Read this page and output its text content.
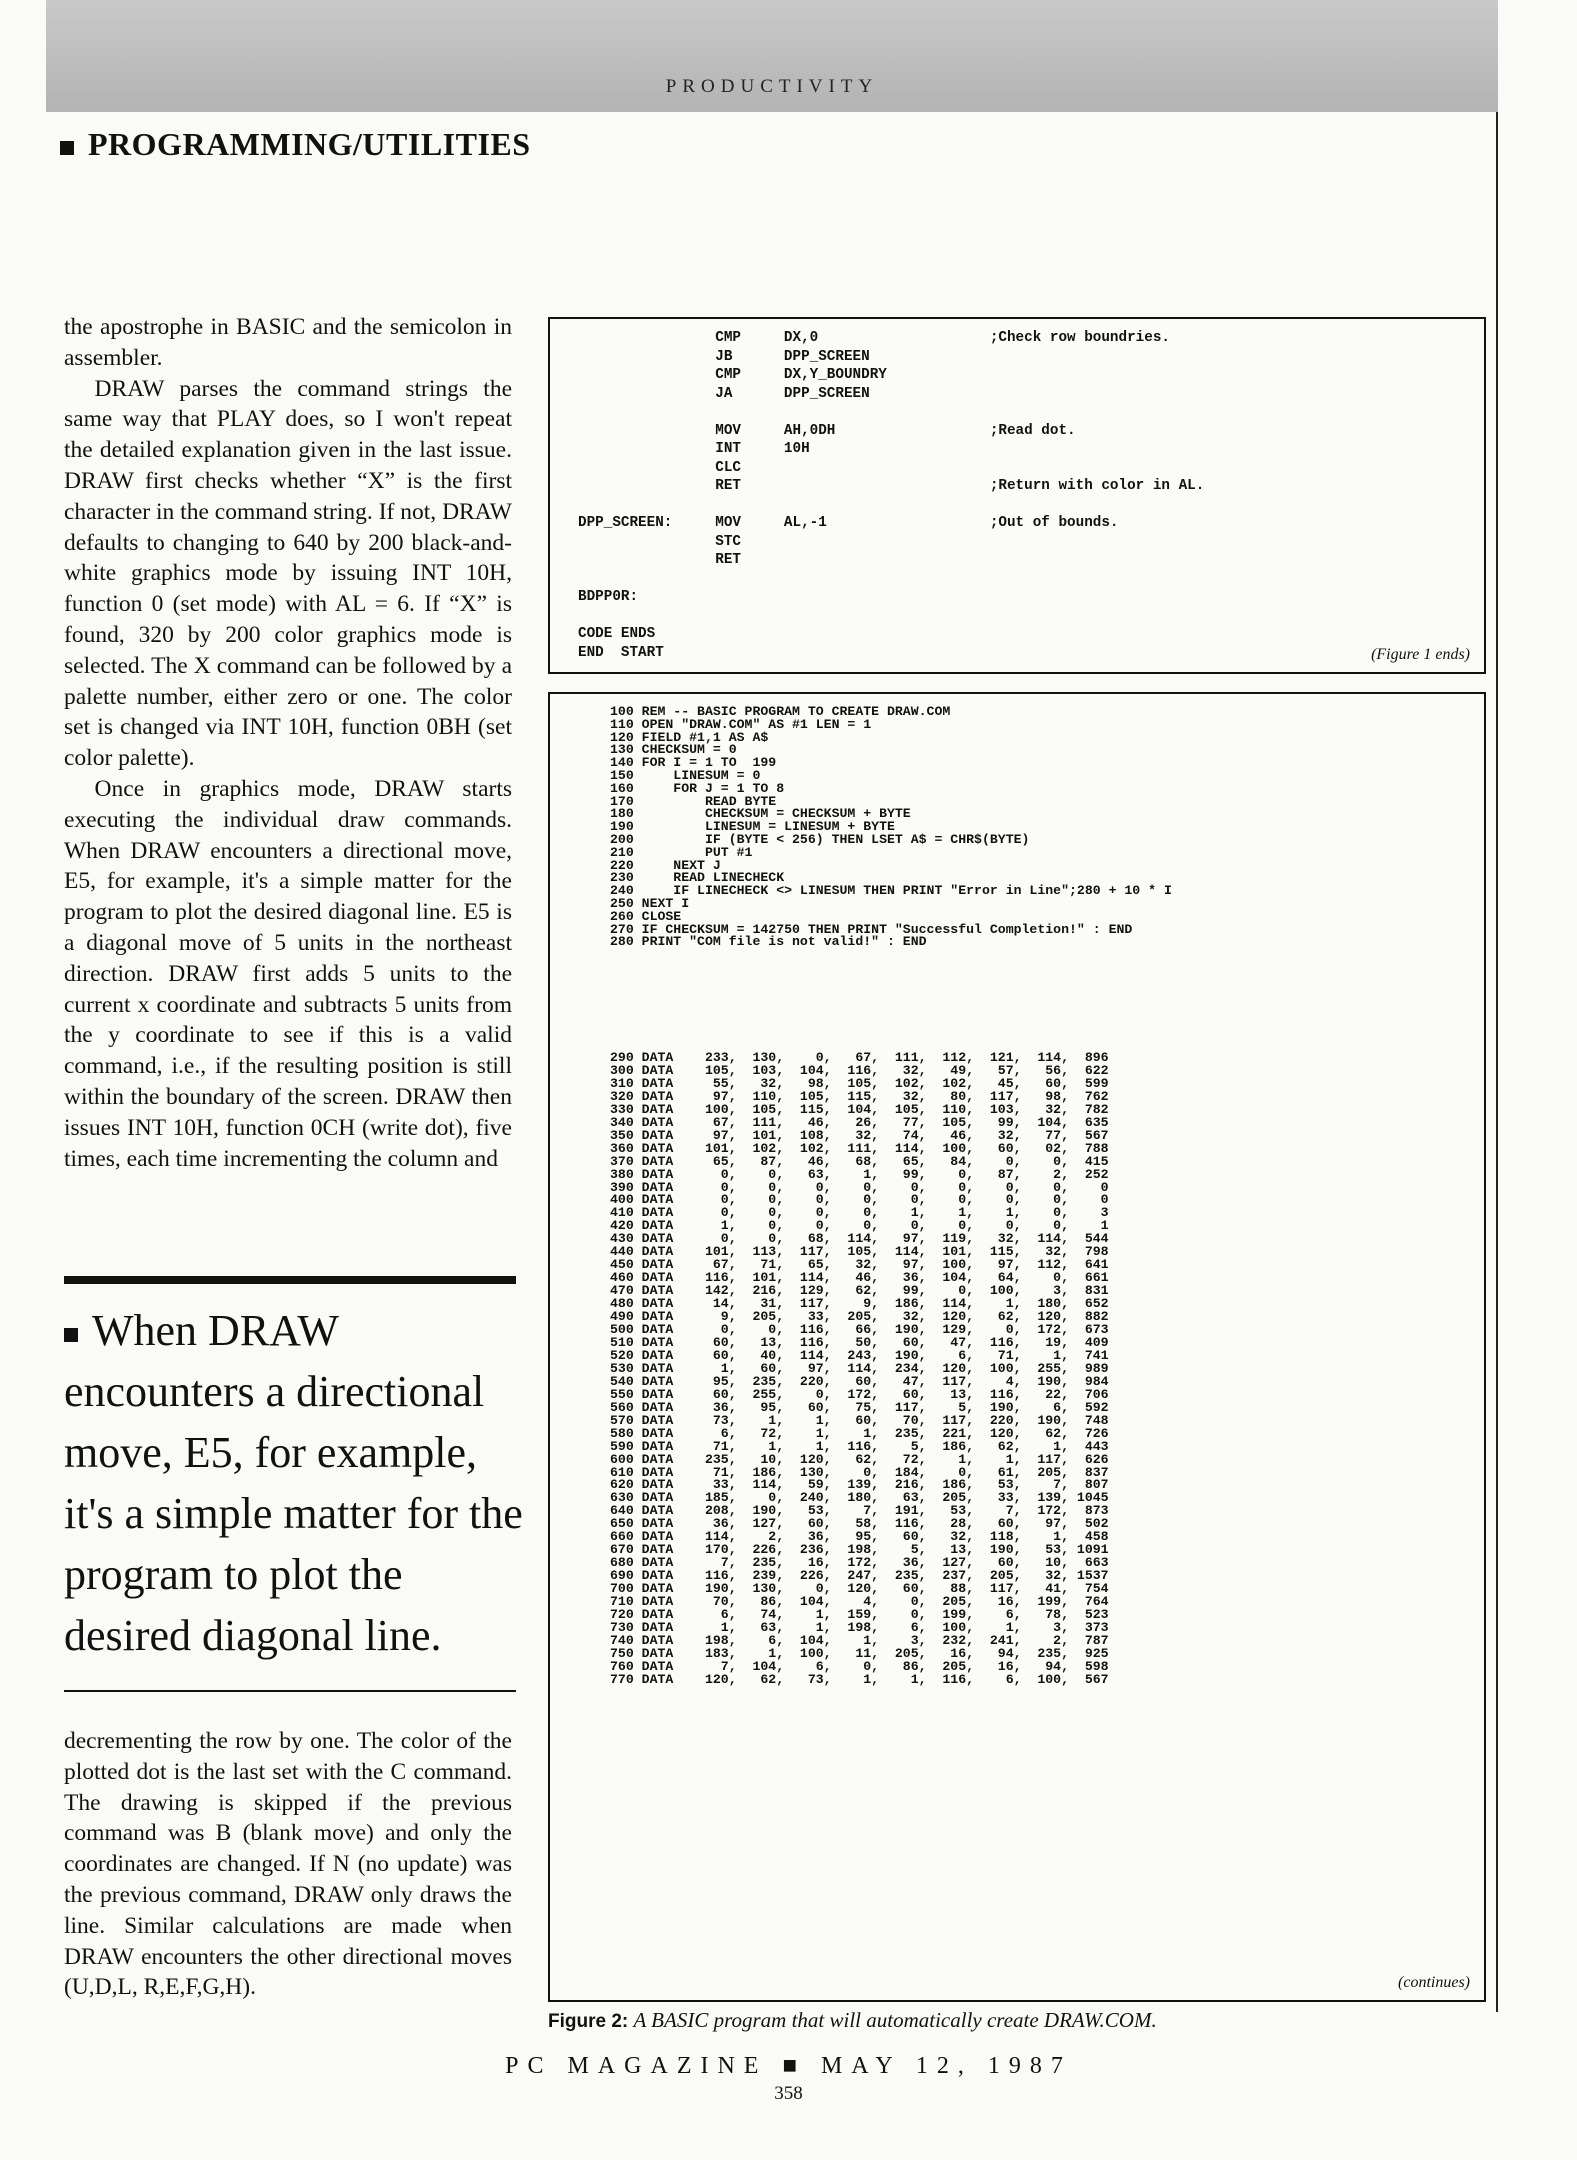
PRODUCTIVITY
PROGRAMMING/UTILITIES

the apostrophe in BASIC and the semicolon in assembler.

DRAW parses the command strings the same way that PLAY does, so I won't repeat the detailed explanation given in the last issue. DRAW first checks whether “X” is the first character in the command string. If not, DRAW defaults to changing to 640 by 200 black-and-white graphics mode by issuing INT 10H, function 0 (set mode) with AL = 6. If “X” is found, 320 by 200 color graphics mode is selected. The X command can be followed by a palette number, either zero or one. The color set is changed via INT 10H, function 0BH (set color palette).

Once in graphics mode, DRAW starts executing the individual draw commands. When DRAW encounters a directional move, E5, for example, it's a simple matter for the program to plot the desired diagonal line. E5 is a diagonal move of 5 units in the northeast direction. DRAW first adds 5 units to the current x coordinate and subtracts 5 units from the y coordinate to see if this is a valid command, i.e., if the resulting position is still within the boundary of the screen. DRAW then issues INT 10H, function 0CH (write dot), five times, each time incrementing the column and

When DRAW encounters a directional move, E5, for example, it's a simple matter for the program to plot the desired diagonal line.

decrementing the row by one. The color of the plotted dot is the last set with the C command. The drawing is skipped if the previous command was B (blank move) and only the coordinates are changed. If N (no update) was the previous command, DRAW only draws the line. Similar calculations are made when DRAW encounters the other directional moves (U,D,L, R,E,F,G,H).

CMP     DX,0                    ;Check row boundries.
JB      DPP_SCREEN
CMP     DX,Y_BOUNDRY
JA      DPP_SCREEN

MOV     AH,0DH                  ;Read dot.
INT     10H
CLC
RET                             ;Return with color in AL.

DPP_SCREEN:     MOV     AL,-1                   ;Out of bounds.
STC
RET

BDPP0R:

CODE ENDS
END  START	(Figure 1 ends)
100 REM -- BASIC PROGRAM TO CREATE DRAW.COM
110 OPEN "DRAW.COM" AS #1 LEN = 1
120 FIELD #1,1 AS A$
130 CHECKSUM = 0
140 FOR I = 1 TO  199
150     LINESUM = 0
160     FOR J = 1 TO 8
170         READ BYTE
180         CHECKSUM = CHECKSUM + BYTE
190         LINESUM = LINESUM + BYTE
200         IF (BYTE < 256) THEN LSET A$ = CHR$(BYTE)
210         PUT #1
220     NEXT J
230     READ LINECHECK
240     IF LINECHECK <> LINESUM THEN PRINT "Error in Line";280 + 10 * I
250 NEXT I
260 CLOSE
270 IF CHECKSUM = 142750 THEN PRINT "Successful Completion!" : END
280 PRINT "COM file is not valid!" : END
290 DATA    233,  130,    0,   67,  111,  112,  121,  114,  896
300 DATA    105,  103,  104,  116,   32,   49,   57,   56,  622
310 DATA     55,   32,   98,  105,  102,  102,   45,   60,  599
320 DATA     97,  110,  105,  115,   32,   80,  117,   98,  762
330 DATA    100,  105,  115,  104,  105,  110,  103,   32,  782
340 DATA     67,  111,   46,   26,   77,  105,   99,  104,  635
350 DATA     97,  101,  108,   32,   74,   46,   32,   77,  567
360 DATA    101,  102,  102,  111,  114,  100,   60,   02,  788
370 DATA     65,   87,   46,   68,   65,   84,    0,    0,  415
380 DATA      0,    0,   63,    1,   99,    0,   87,    2,  252
390 DATA      0,    0,    0,    0,    0,    0,    0,    0,    0
400 DATA      0,    0,    0,    0,    0,    0,    0,    0,    0
410 DATA      0,    0,    0,    0,    1,    1,    1,    0,    3
420 DATA      1,    0,    0,    0,    0,    0,    0,    0,    1
430 DATA      0,    0,   68,  114,   97,  119,   32,  114,  544
440 DATA    101,  113,  117,  105,  114,  101,  115,   32,  798
450 DATA     67,   71,   65,   32,   97,  100,   97,  112,  641
460 DATA    116,  101,  114,   46,   36,  104,   64,    0,  661
470 DATA    142,  216,  129,   62,   99,    0,  100,    3,  831
480 DATA     14,   31,  117,    9,  186,  114,    1,  180,  652
490 DATA      9,  205,   33,  205,   32,  120,   62,  120,  882
500 DATA      0,    0,  116,   66,  190,  129,    0,  172,  673
510 DATA     60,   13,  116,   50,   60,   47,  116,   19,  409
520 DATA     60,   40,  114,  243,  190,    6,   71,    1,  741
530 DATA      1,   60,   97,  114,  234,  120,  100,  255,  989
540 DATA     95,  235,  220,   60,   47,  117,    4,  190,  984
550 DATA     60,  255,    0,  172,   60,   13,  116,   22,  706
560 DATA     36,   95,   60,   75,  117,    5,  190,    6,  592
570 DATA     73,    1,    1,   60,   70,  117,  220,  190,  748
580 DATA      6,   72,    1,    1,  235,  221,  120,   62,  726
590 DATA     71,    1,    1,  116,    5,  186,   62,    1,  443
600 DATA    235,   10,  120,   62,   72,    1,    1,  117,  626
610 DATA     71,  186,  130,    0,  184,    0,   61,  205,  837
620 DATA     33,  114,   59,  139,  216,  186,   53,    7,  807
630 DATA    185,    0,  240,  180,   63,  205,   33,  139, 1045
640 DATA    208,  190,   53,    7,  191,   53,    7,  172,  873
650 DATA     36,  127,   60,   58,  116,   28,   60,   97,  502
660 DATA    114,    2,   36,   95,   60,   32,  118,    1,  458
670 DATA    170,  226,  236,  198,    5,   13,  190,   53, 1091
680 DATA      7,  235,   16,  172,   36,  127,   60,   10,  663
690 DATA    116,  239,  226,  247,  235,  237,  205,   32, 1537
700 DATA    190,  130,    0,  120,   60,   88,  117,   41,  754
710 DATA     70,   86,  104,    4,    0,  205,   16,  199,  764
720 DATA      6,   74,    1,  159,    0,  199,    6,   78,  523
730 DATA      1,   63,    1,  198,    6,  100,    1,    3,  373
740 DATA    198,    6,  104,    1,    3,  232,  241,    2,  787
750 DATA    183,    1,  100,   11,  205,   16,   94,  235,  925
760 DATA      7,  104,    6,    0,   86,  205,   16,   94,  598
770 DATA    120,   62,   73,    1,    1,  116,    6,  100,  567

(continues)
Figure 2: A BASIC program that will automatically create DRAW.COM.
PC MAGAZINE ■ MAY 12, 1987
358
